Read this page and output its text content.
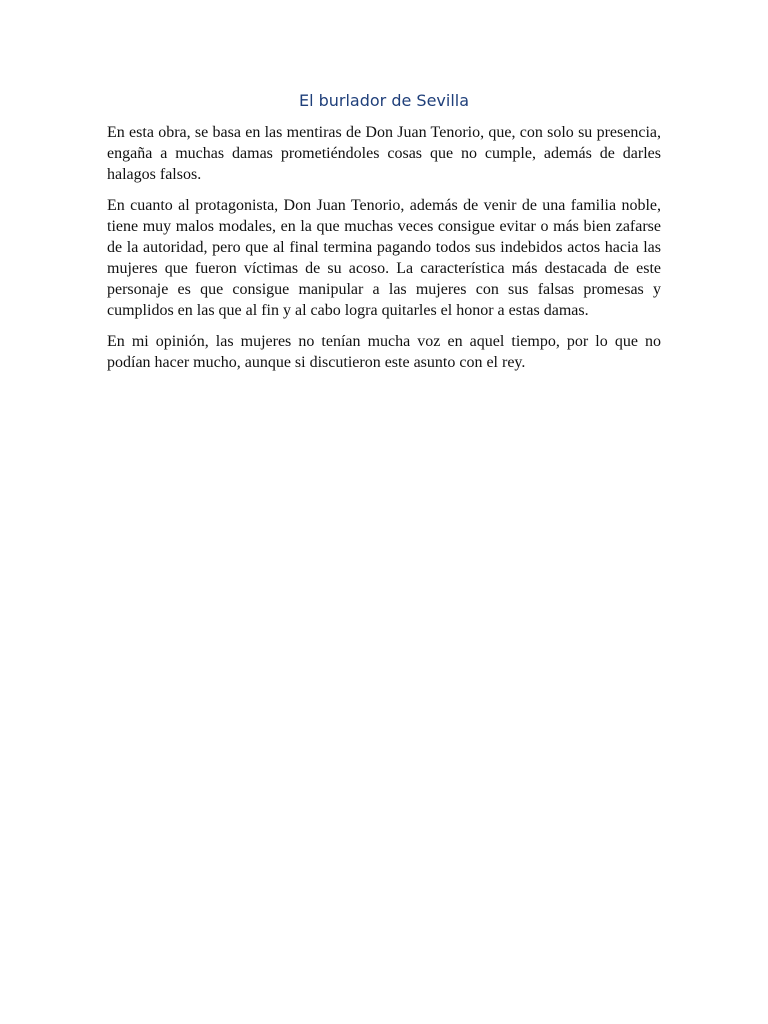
El burlador de Sevilla

En esta obra, se basa en las mentiras de Don Juan Tenorio, que, con solo su presencia, engaña a muchas damas prometiéndoles cosas que no cumple, además de darles halagos falsos.

En cuanto al protagonista, Don Juan Tenorio, además de venir de una familia noble, tiene muy malos modales, en la que muchas veces consigue evitar o más bien zafarse de la autoridad, pero que al final termina pagando todos sus indebidos actos hacia las mujeres que fueron víctimas de su acoso. La característica más destacada de este personaje es que consigue manipular a las mujeres con sus falsas promesas y cumplidos en las que al fin y al cabo logra quitarles el honor a estas damas.

En mi opinión, las mujeres no tenían mucha voz en aquel tiempo, por lo que no podían hacer mucho, aunque si discutieron este asunto con el rey.
